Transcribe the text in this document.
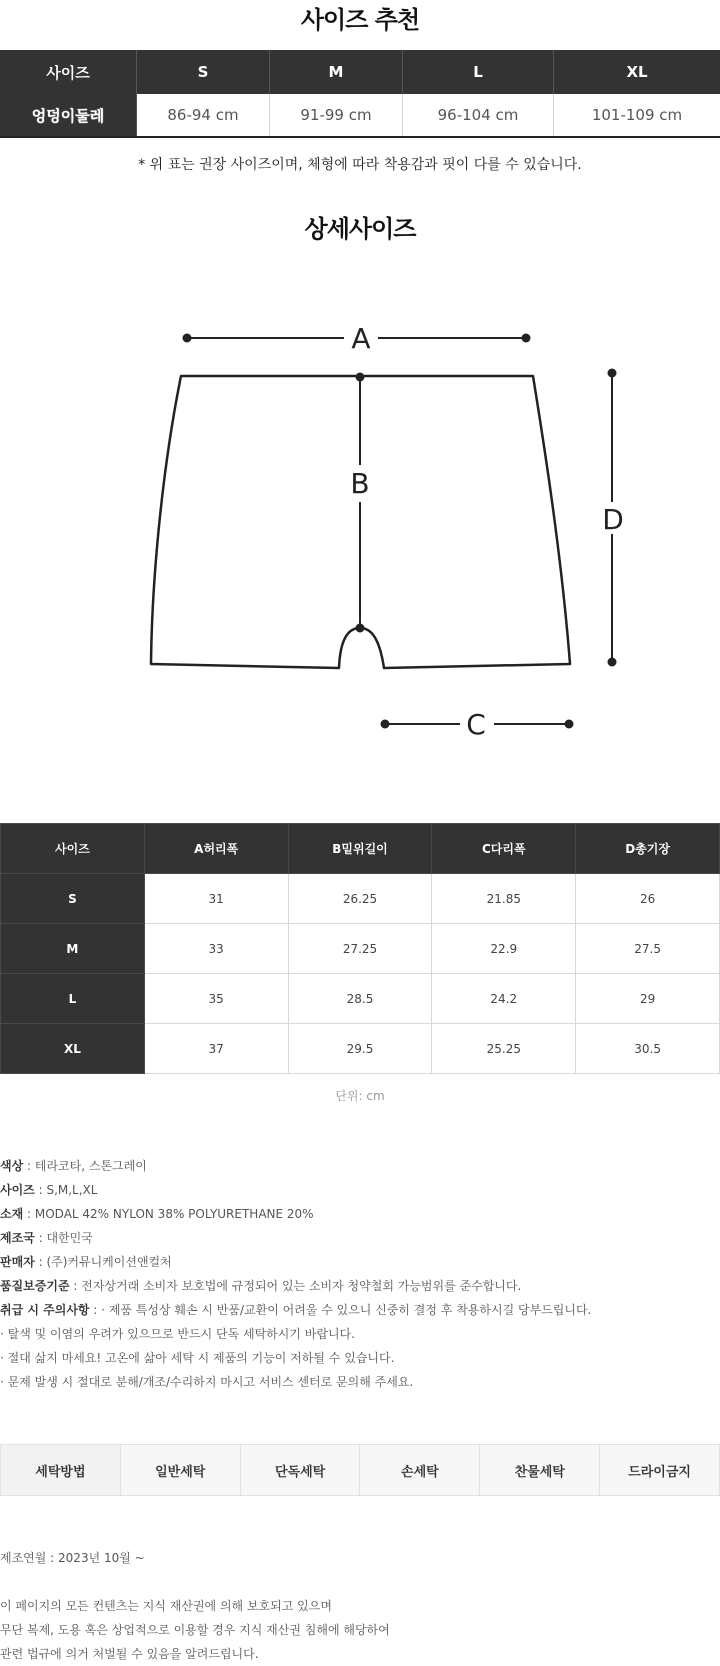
사이즈 추천
사이즈	S	M	L	XL
엉덩이둘레	86-94 cm	91-99 cm	96-104 cm	101-109 cm
* 위 표는 권장 사이즈이며, 체형에 따라 착용감과 핏이 다를 수 있습니다.
상세사이즈
A
B
D
C
사이즈	A허리폭	B밑위길이	C다리폭	D총기장
S	31	26.25	21.85	26
M	33	27.25	22.9	27.5
L	35	28.5	24.2	29
XL	37	29.5	25.25	30.5
단위: cm
색상 : 테라코타, 스톤그레이
사이즈 : S,M,L,XL
소재 : MODAL 42% NYLON 38% POLYURETHANE 20%
제조국 : 대한민국
판매자 : (주)커뮤니케이션앤컬처
품질보증기준 : 전자상거래 소비자 보호법에 규정되어 있는 소비자 청약철회 가능범위를 준수합니다.
취급 시 주의사항 : · 제품 특성상 훼손 시 반품/교환이 어려울 수 있으니 신중히 결정 후 착용하시길 당부드립니다.
· 탈색 및 이염의 우려가 있으므로 반드시 단독 세탁하시기 바랍니다.
· 절대 삶지 마세요! 고온에 삶아 세탁 시 제품의 기능이 저하될 수 있습니다.
· 문제 발생 시 절대로 분해/개조/수리하지 마시고 서비스 센터로 문의해 주세요.
세탁방법	일반세탁	단독세탁	손세탁	찬물세탁	드라이금지
제조연월 : 2023년 10월 ~
이 페이지의 모든 컨텐츠는 지식 재산권에 의해 보호되고 있으며
무단 복제, 도용 혹은 상업적으로 이용할 경우 지식 재산권 침해에 해당하여
관련 법규에 의거 처벌될 수 있음을 알려드립니다.
